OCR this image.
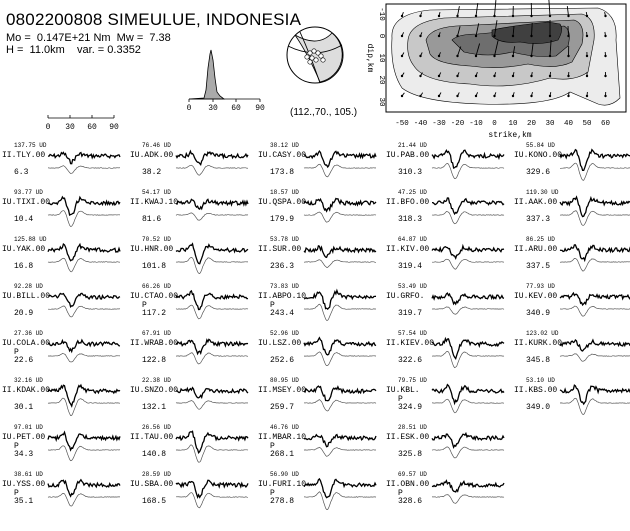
0802200808 SIMEULUE, INDONESIA
Mo =  0.147E+21 Nm  Mw =  7.38
H =  11.0km    var. = 0.3352
0 30 60 90	(112.,70., 105.)
0 30 60 90	-50 -40 -30 -20 -10 0 10 20 30 40 50 60
strike,km
-10
0
10
20
30
dip,km
137.75 UD
II.TLY.00
6.3
93.77 UD
IU.TIXI.00
10.4
125.88 UD
IU.YAK.00
16.8
92.28 UD
IU.BILL.00
20.9
27.36 UD
IU.COLA.00
P
22.6
32.16 UD
II.KDAK.00
30.1
97.01 UD
IU.PET.00
P
34.3
38.61 UD
IU.YSS.00
P
35.1
76.46 UD
IU.ADK.00
38.2
54.17 UD
II.KWAJ.10
81.6
70.52 UD
IU.HNR.00
101.8
66.26 UD
IU.CTAO.00
P
117.2
67.91 UD
II.WRAB.00
122.8
22.38 UD
IU.SNZO.00
132.1
26.56 UD
II.TAU.00
140.8
28.59 UD
IU.SBA.00
168.5
38.12 UD
IU.CASY.00
173.8
18.57 UD
IU.QSPA.00
179.9
53.78 UD
II.SUR.00
236.3
73.83 UD
II.ABPO.10
P
243.4
52.96 UD
IU.LSZ.00
252.6
80.95 UD
II.MSEY.00
259.7
46.76 UD
II.MBAR.10
P
268.1
56.90 UD
IU.FURI.10
P
278.8
21.44 UD
IU.PAB.00
310.3
47.25 UD
II.BFO.00
318.3
64.87 UD
II.KIV.00
319.4
53.49 UD
IU.GRFO.
319.7
57.54 UD
II.KIEV.00
322.6
79.75 UD
IU.KBL.
P
324.9
28.51 UD
II.ESK.00
325.8
69.57 UD
II.OBN.00
P
328.6
55.84 UD
IU.KONO.00
329.6
119.30 UD
II.AAK.00
337.3
86.25 UD
II.ARU.00
337.5
77.93 UD
IU.KEV.00
340.9
123.02 UD
II.KURK.00
345.8
53.10 UD
II.KBS.00
349.0
